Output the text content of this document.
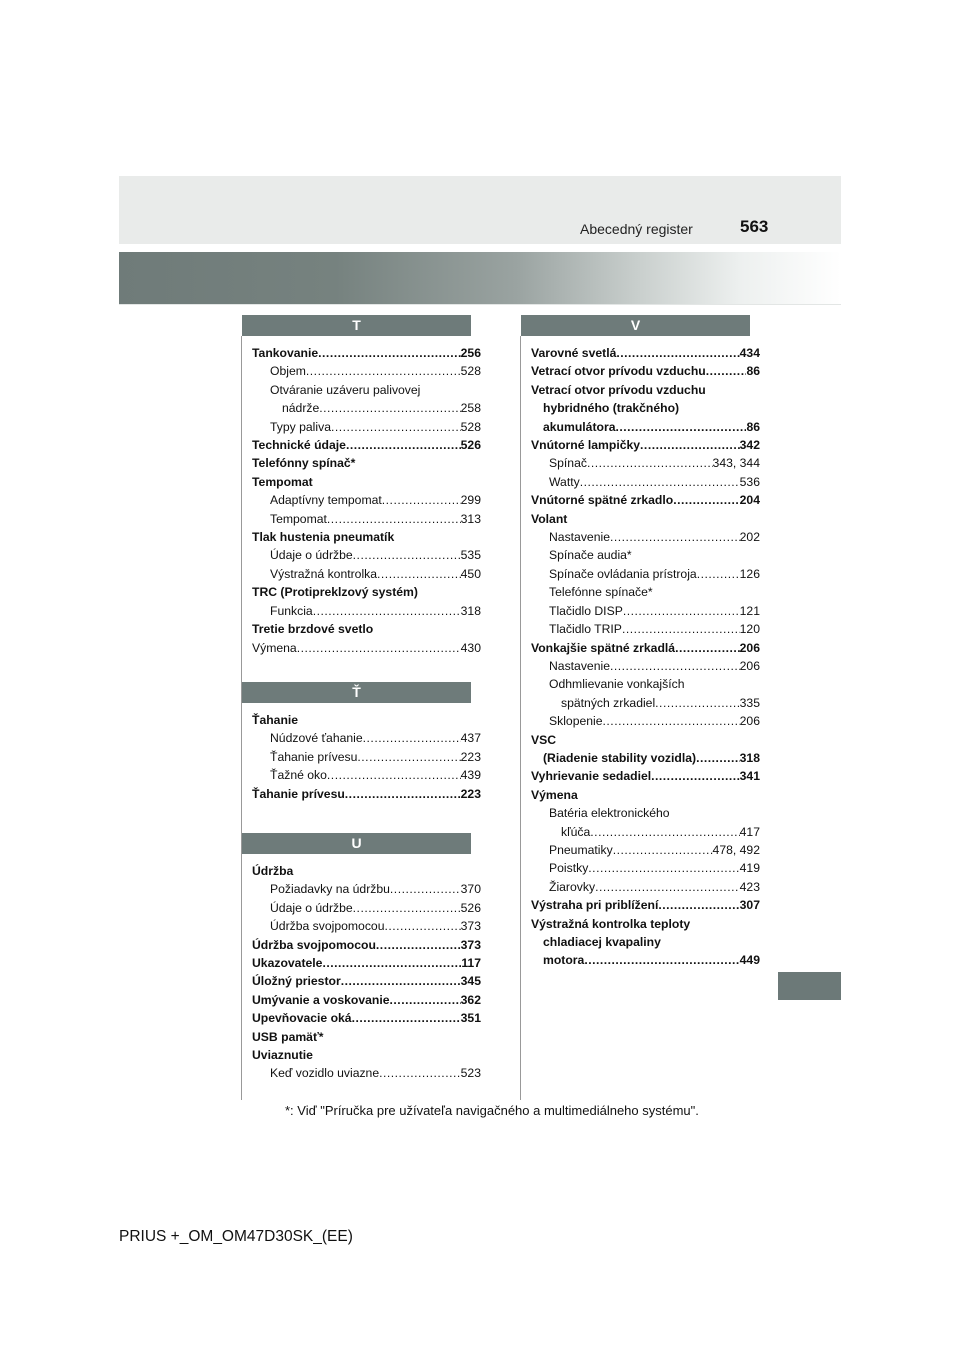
Abecedný register	563
T
Tankovanie .....	256
Objem .....	528
Otváranie uzáveru palivovej
nádrže .....	258
Typy paliva .....	528
Technické údaje .....	526
Telefónny spínač*
Tempomat
Adaptívny tempomat .....	299
Tempomat .....	313
Tlak hustenia pneumatík
Údaje o údržbe .....	535
Výstražná kontrolka .....	450
TRC (Protipreklzový systém)
Funkcia .....	318
Tretie brzdové svetlo
Výmena .....	430
Ť
Ťahanie
Núdzové ťahanie .....	437
Ťahanie prívesu .....	223
Ťažné oko .....	439
Ťahanie prívesu .....	223
U
Údržba
Požiadavky na údržbu .....	370
Údaje o údržbe .....	526
Údržba svojpomocou .....	373
Údržba svojpomocou .....	373
Ukazovatele .....	117
Úložný priestor .....	345
Umývanie a voskovanie .....	362
Upevňovacie oká .....	351
USB pamäť*
Uviaznutie
Keď vozidlo uviazne .....	523
V
Varovné svetlá .....	434
Vetrací otvor prívodu vzduchu .....	86
Vetrací otvor prívodu vzduchu
hybridného (trakčného)
akumulátora .....	86
Vnútorné lampičky .....	342
Spínač .....	343, 344
Watty .....	536
Vnútorné spätné zrkadlo .....	204
Volant
Nastavenie .....	202
Spínače audia*
Spínače ovládania prístroja .....	126
Telefónne spínače*
Tlačidlo DISP .....	121
Tlačidlo TRIP .....	120
Vonkajšie spätné zrkadlá .....	206
Nastavenie .....	206
Odhmlievanie vonkajších
spätných zrkadiel .....	335
Sklopenie .....	206
VSC
(Riadenie stability vozidla) .....	318
Vyhrievanie sedadiel .....	341
Výmena
Batéria elektronického
kľúča .....	417
Pneumatiky .....	478, 492
Poistky .....	419
Žiarovky .....	423
Výstraha pri priblížení .....	307
Výstražná kontrolka teploty
chladiacej kvapaliny
motora .....	449
*: Viď "Príručka pre užívateľa navigačného a multimediálneho systému".
PRIUS +_OM_OM47D30SK_(EE)
